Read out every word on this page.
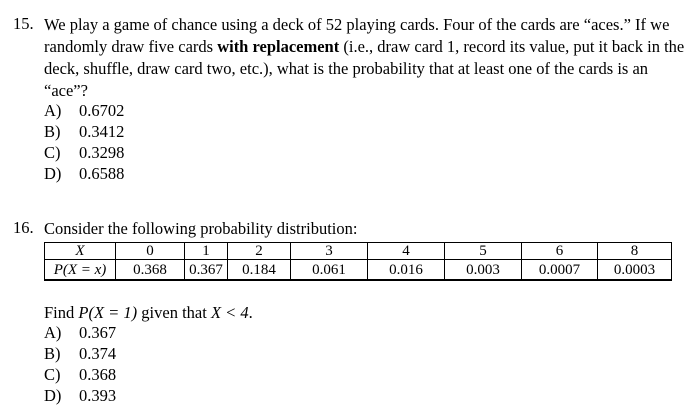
15. We play a game of chance using a deck of 52 playing cards. Four of the cards are “aces.” If we randomly draw five cards with replacement (i.e., draw card 1, record its value, put it back in the deck, shuffle, draw card two, etc.), what is the probability that at least one of the cards is an “ace”?
A) 0.6702
B) 0.3412
C) 0.3298
D) 0.6588
16. Consider the following probability distribution:
X	0	1	2	3	4	5	6	8
P(X = x)	0.368	0.367	0.184	0.061	0.016	0.003	0.0007	0.0003
Find P(X = 1) given that X < 4.
A) 0.367
B) 0.374
C) 0.368
D) 0.393
